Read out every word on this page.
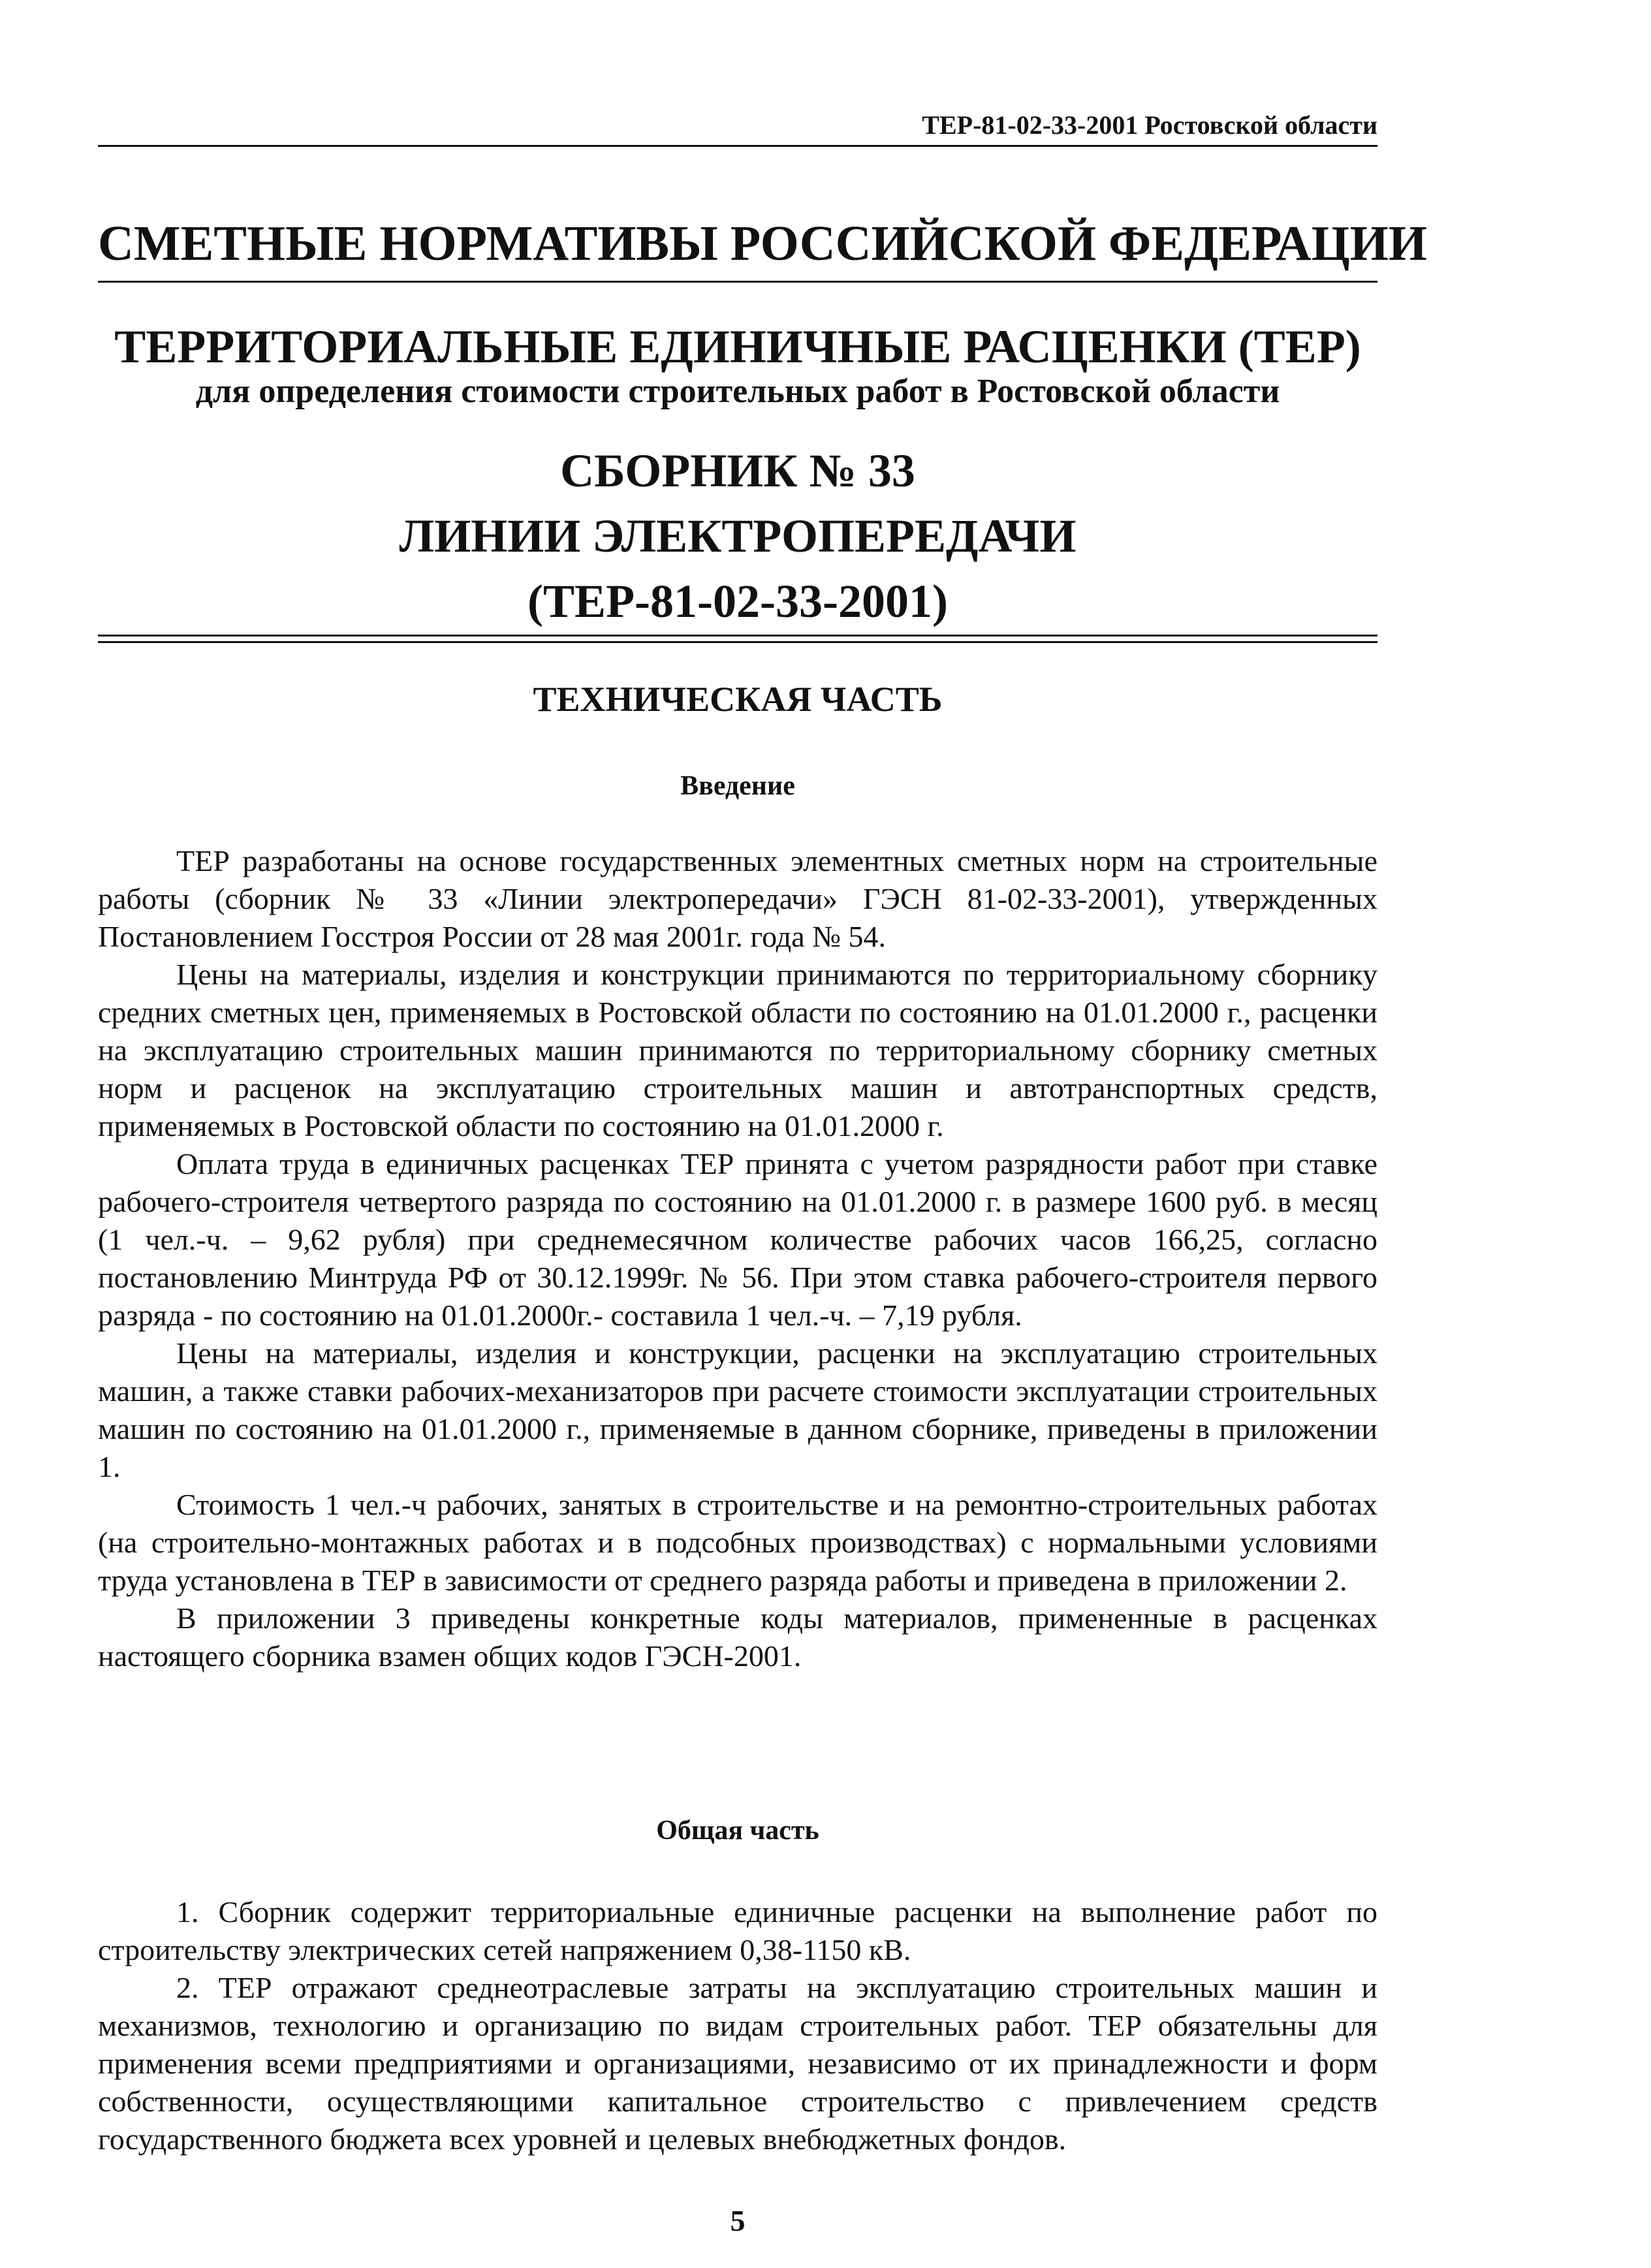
ТЕР-81-02-33-2001 Ростовской области
СМЕТНЫЕ НОРМАТИВЫ РОССИЙСКОЙ ФЕДЕРАЦИИ
ТЕРРИТОРИАЛЬНЫЕ ЕДИНИЧНЫЕ РАСЦЕНКИ (ТЕР)
для определения стоимости строительных работ в Ростовской области
СБОРНИК № 33
ЛИНИИ ЭЛЕКТРОПЕРЕДАЧИ
(ТЕР-81-02-33-2001)
ТЕХНИЧЕСКАЯ ЧАСТЬ
Введение

ТЕР разработаны на основе государственных элементных сметных норм на строительные работы (сборник № 33 «Линии электропередачи» ГЭСН 81-02-33-2001), утвержденных Постановлением Госстроя России от 28 мая 2001г. года № 54.

Цены на материалы, изделия и конструкции принимаются по территориальному сборнику средних сметных цен, применяемых в Ростовской области по состоянию на 01.01.2000 г., расценки на эксплуатацию строительных машин принимаются по территориальному сборнику сметных норм и расценок на эксплуатацию строительных машин и автотранспортных средств, применяемых в Ростовской области по состоянию на 01.01.2000 г.

Оплата труда в единичных расценках ТЕР принята с учетом разрядности работ при ставке рабочего-строителя четвертого разряда по состоянию на 01.01.2000 г. в размере 1600 руб. в месяц (1 чел.-ч. – 9,62 рубля) при среднемесячном количестве рабочих часов 166,25, согласно постановлению Минтруда РФ от 30.12.1999г. № 56. При этом ставка рабочего-строителя первого разряда - по состоянию на 01.01.2000г.- составила 1 чел.-ч. – 7,19 рубля.

Цены на материалы, изделия и конструкции, расценки на эксплуатацию строительных машин, а также ставки рабочих-механизаторов при расчете стоимости эксплуатации строительных машин по состоянию на 01.01.2000 г., применяемые в данном сборнике, приведены в приложении 1.

Стоимость 1 чел.-ч рабочих, занятых в строительстве и на ремонтно-строительных работах (на строительно-монтажных работах и в подсобных производствах) с нормальными условиями труда установлена в ТЕР в зависимости от среднего разряда работы и приведена в приложении 2.

В приложении 3 приведены конкретные коды материалов, примененные в расценках настоящего сборника взамен общих кодов ГЭСН-2001.

Общая часть

1. Сборник содержит территориальные единичные расценки на выполнение работ по строительству электрических сетей напряжением 0,38-1150 кВ.

2. ТЕР отражают среднеотраслевые затраты на эксплуатацию строительных машин и механизмов, технологию и организацию по видам строительных работ. ТЕР обязательны для применения всеми предприятиями и организациями, независимо от их принадлежности и форм собственности, осуществляющими капитальное строительство с привлечением средств государственного бюджета всех уровней и целевых внебюджетных фондов.

5
